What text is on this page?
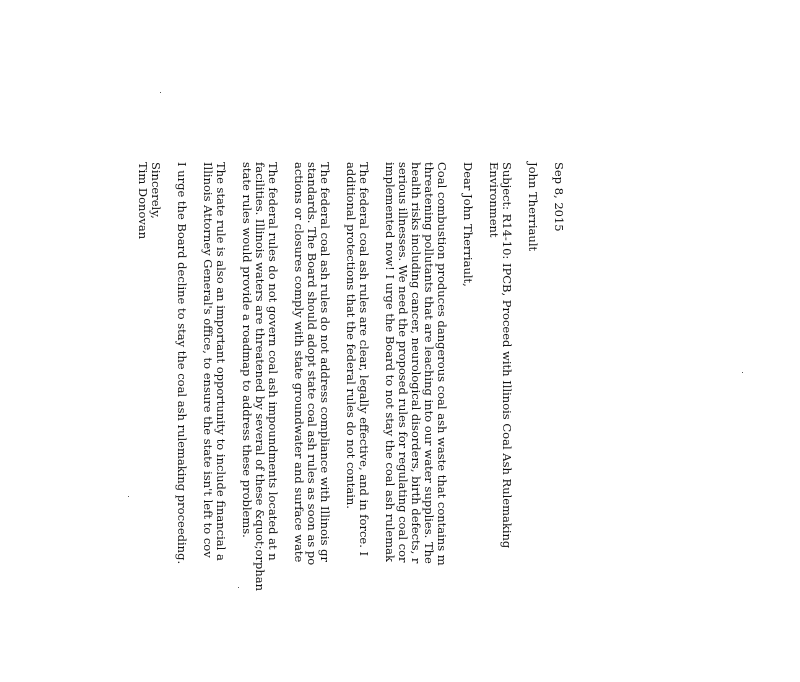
Sep 8, 2015
John Therriault
Subject: R14-10: IPCB, Proceed with Illinois Coal Ash Rulemaking
Environment
Dear John Therriault,
Coal combustion produces dangerous coal ash waste that contains m
threatening pollutants that are leaching into our water supplies. The
health risks including cancer, neurological disorders, birth defects, r
serious illnesses. We need the proposed rules for regulating coal cor
implemented now! I urge the Board to not stay the coal ash rulemak
The federal coal ash rules are clear, legally effective, and in force. I
additional protections that the federal rules do not contain.
The federal coal ash rules do not address compliance with Illinois gr
standards. The Board should adopt state coal ash rules as soon as po
actions or closures comply with state groundwater and surface wate
The federal rules do not govern coal ash impoundments located at n
facilities. Illinois waters are threatened by several of these &quot;orphan
state rules would provide a roadmap to address these problems.
The state rule is also an important opportunity to include financial a
Illinois Attorney General's office, to ensure the state isn't left to cov
I urge the Board decline to stay the coal ash rulemaking proceeding.
Sincerely,
Tim Donovan
